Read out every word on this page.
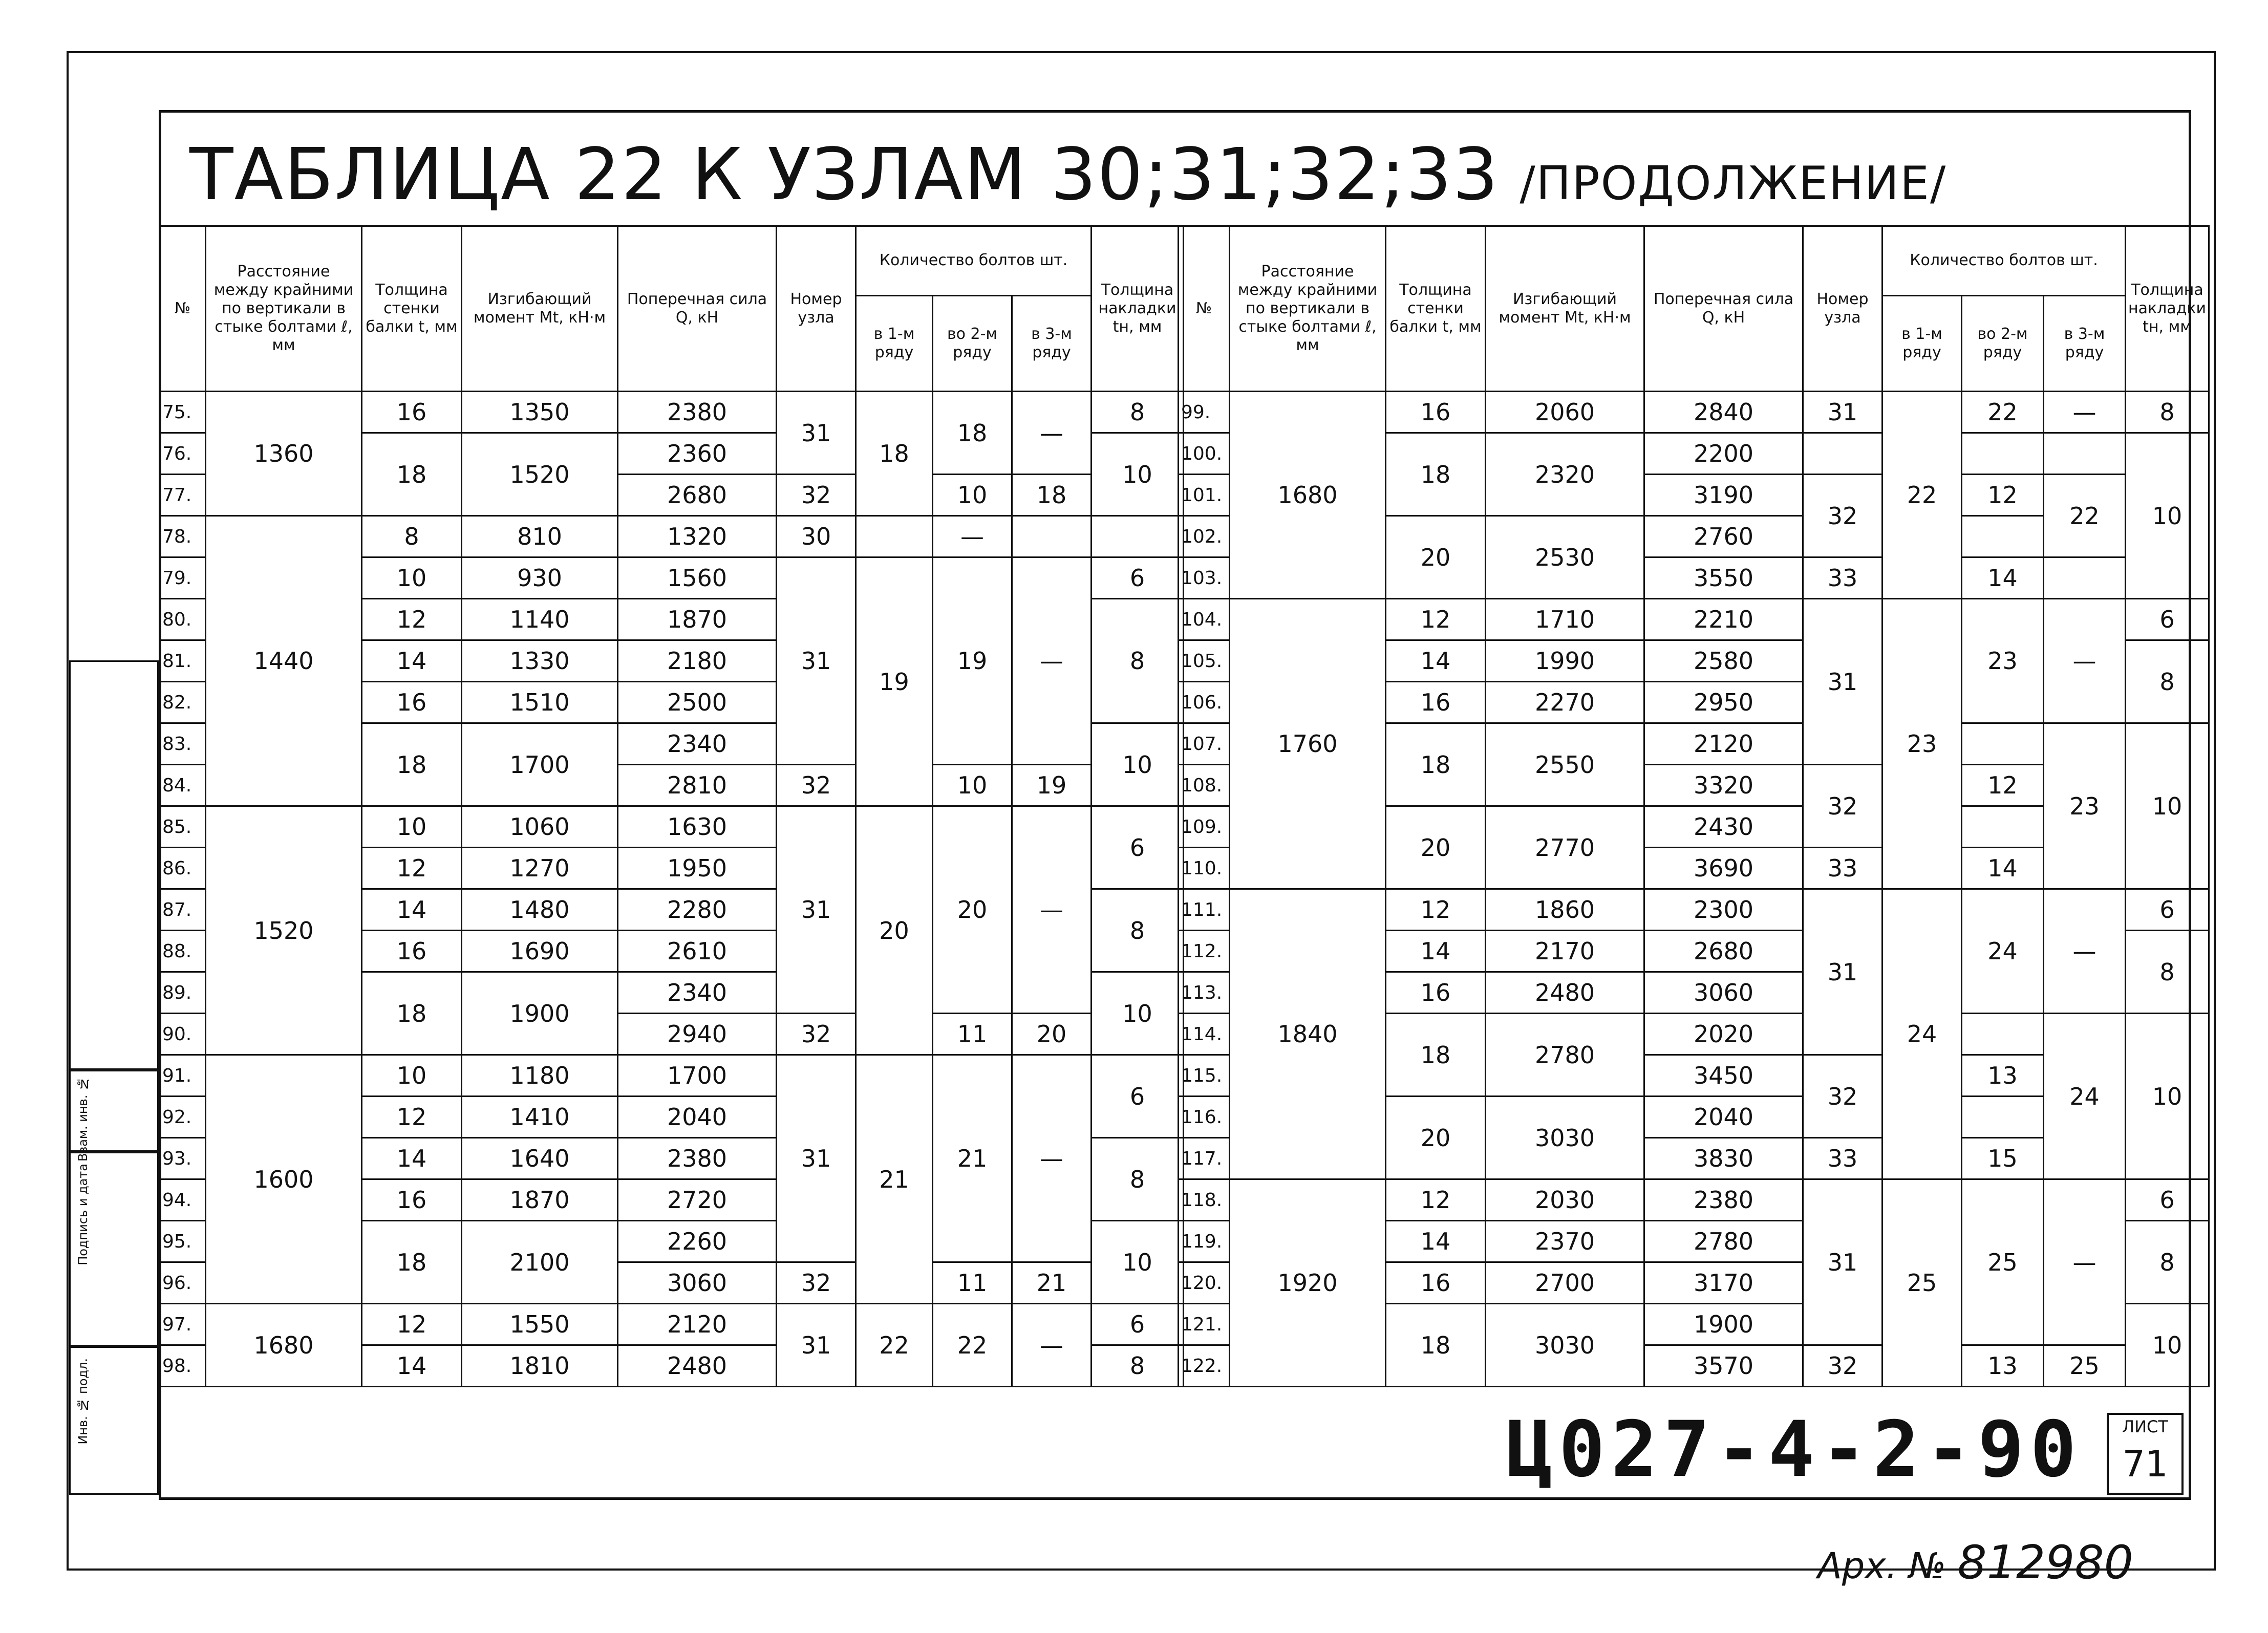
ТАБЛИЦА 22 К УЗЛАМ 30;31;32;33 /ПРОДОЛЖЕНИЕ/
№	Расстояние между крайними по вертикали в стыке болтами ℓ, мм	Толщина стенки балки t, мм	Изгибающий момент Mt, кН·м	Поперечная сила Q, кН	Номер узла	Количество болтов шт.			Толщина накладки tн, мм
						в 1-м ряду	во 2-м ряду	в 3-м ряду	
75.	1360	16	1350	2380	31	18	18	—	8
76.		18	1520	2360					10
77.				2680	32		10	18	
78.	1440	8	810	1320	30		—		
79.		10	930	1560	31	19	19	—	6
80.		12	1140	1870					8
81.		14	1330	2180					
82.		16	1510	2500					
83.		18	1700	2340					10
84.				2810	32		10	19	
85.	1520	10	1060	1630	31	20	20	—	6
86.		12	1270	1950					
87.		14	1480	2280					8
88.		16	1690	2610					
89.		18	1900	2340					10
90.				2940	32		11	20	
91.	1600	10	1180	1700	31	21	21	—	6
92.		12	1410	2040					
93.		14	1640	2380					8
94.		16	1870	2720					
95.		18	2100	2260					10
96.				3060	32		11	21	
97.	1680	12	1550	2120	31	22	22	—	6
98.		14	1810	2480					8
№	Расстояние между крайними по вертикали в стыке болтами ℓ, мм	Толщина стенки балки t, мм	Изгибающий момент Mt, кН·м	Поперечная сила Q, кН	Номер узла	Количество болтов шт.			Толщина накладки tн, мм
						в 1-м ряду	во 2-м ряду	в 3-м ряду	
99.	1680	16	2060	2840	31	22	22	—	8
100.		18	2320	2200					10
101.				3190	32		12	22	
102.		20	2530	2760					
103.				3550	33		14		
104.	1760	12	1710	2210	31	23	23	—	6
105.		14	1990	2580					8
106.		16	2270	2950					
107.		18	2550	2120				23	10
108.				3320	32		12		
109.		20	2770	2430					
110.				3690	33		14		
111.	1840	12	1860	2300	31	24	24	—	6
112.		14	2170	2680					8
113.		16	2480	3060					
114.		18	2780	2020				24	10
115.				3450	32		13		
116.		20	3030	2040					
117.				3830	33		15		
118.	1920	12	2030	2380	31	25	25	—	6
119.		14	2370	2780					8
120.		16	2700	3170					
121.		18	3030	1900					10
122.				3570	32		13	25	
Взам. инв. №
Подпись и дата
Инв. № подл.
Ц027-4-2-90	ЛИСТ
71
Арх. № 812980
